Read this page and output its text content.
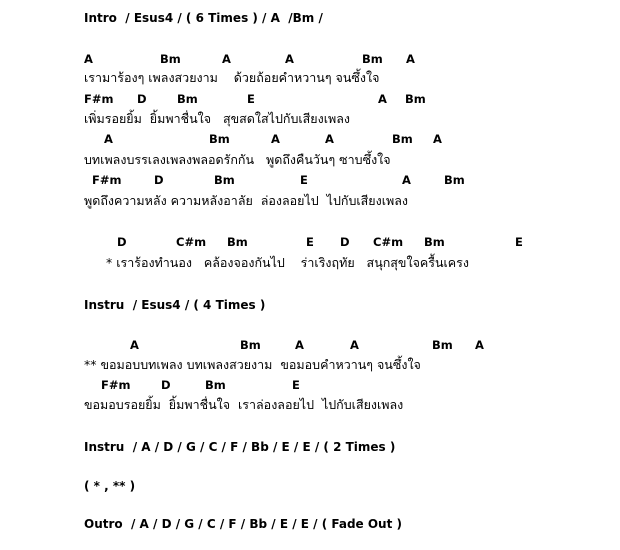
Intro  / Esus4 / ( 6 Times ) / A  /Bm /

A

	Bm

	A

	A

	Bm

A

เรามาร้องๆ เพลงสวยงาม    ด้วยถ้อยคำหวานๆ จนซึ้งใจ

F#m

D

	Bm

	E

	A

Bm

เพิ่มรอยยิ้ม  ยิ้มพาชื่นใจ   สุขสดใสไปกับเสียงเพลง

A

	Bm

	A

	A

	Bm

A

บทเพลงบรรเลงเพลงพลอดรักกัน   พูดถึงคืนวันๆ ซาบซึ้งใจ

F#m

	D

	Bm

	E

	A

	Bm

พูดถึงความหลัง ความหลังอาลัย  ล่องลอยไป  ไปกับเสียงเพลง

D

	C#m

Bm

	E

D

C#m

Bm

	E

* เราร้องทำนอง   คล้องจองกันไป    ร่าเริงฤทัย   สนุกสุขใจครื้นเครง
Instru  / Esus4 / ( 4 Times )

A

	Bm

	A

	A

	Bm

A

** ขอมอบบทเพลง บทเพลงสวยงาม  ขอมอบคำหวานๆ จนซึ้งใจ

F#m

	D

	Bm

	E

ขอมอบรอยยิ้ม  ยิ้มพาชื่นใจ  เราล่องลอยไป  ไปกับเสียงเพลง
Instru  / A / D / G / C / F / Bb / E / E / ( 2 Times )
( * , ** )
Outro  / A / D / G / C / F / Bb / E / E / ( Fade Out )
